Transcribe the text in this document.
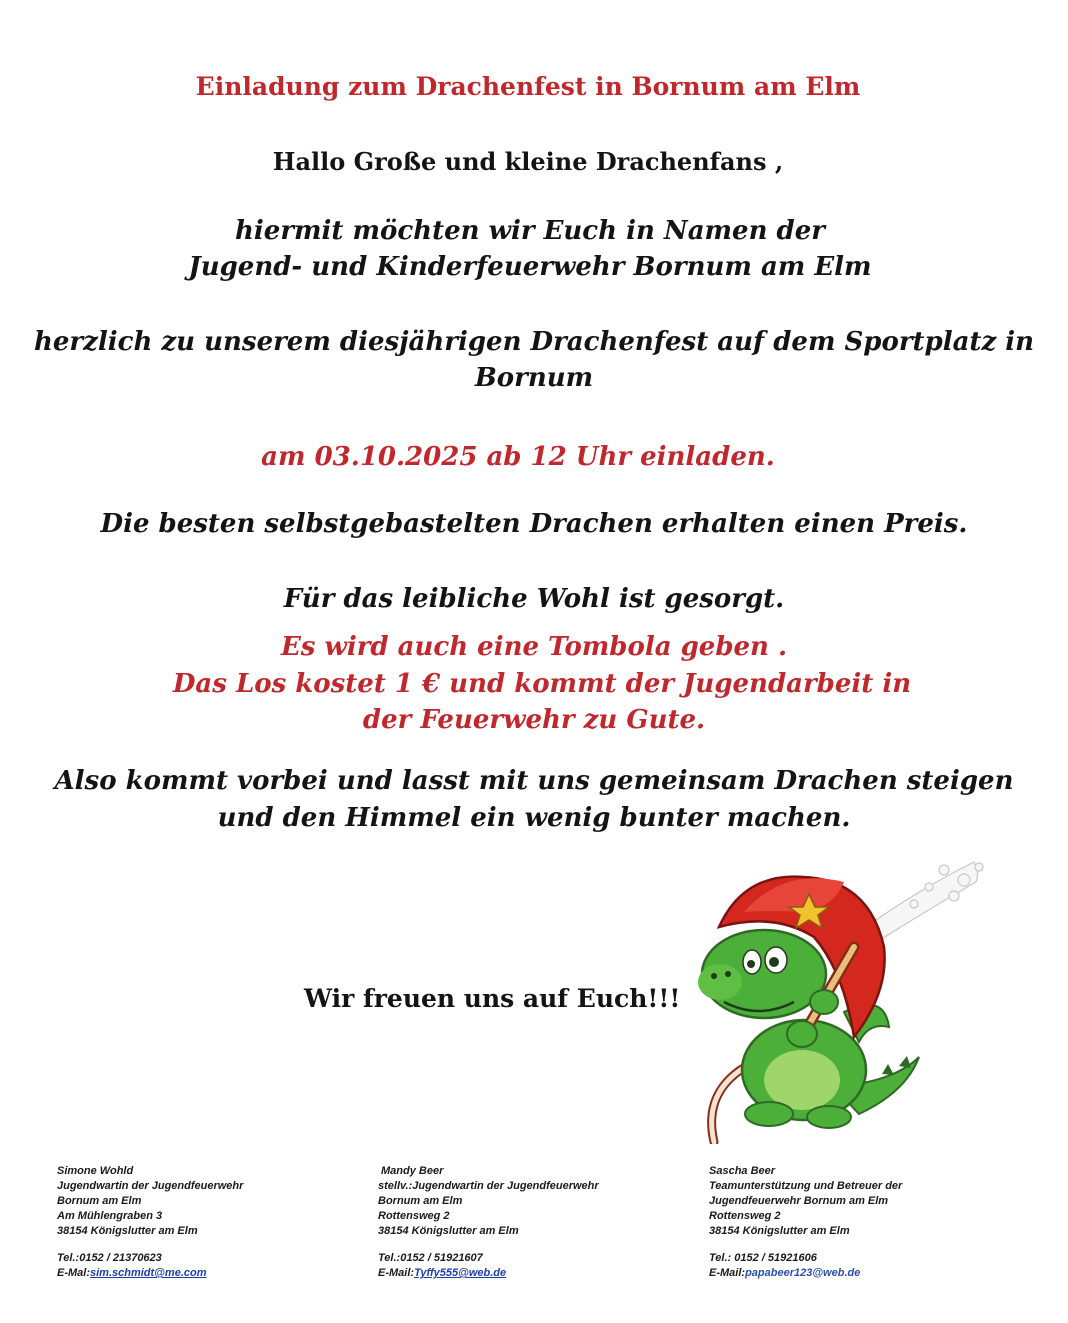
Einladung zum Drachenfest in Bornum am Elm
Hallo Große und kleine Drachenfans ,
hiermit möchten wir Euch in Namen der
Jugend- und Kinderfeuerwehr Bornum am Elm
herzlich zu unserem diesjährigen Drachenfest auf dem Sportplatz in
Bornum
am 03.10.2025 ab 12 Uhr einladen.
Die besten selbstgebastelten Drachen erhalten einen Preis.
Für das leibliche Wohl ist gesorgt.
Es wird auch eine Tombola geben .
Das Los kostet 1 € und kommt der Jugendarbeit in
der Feuerwehr zu Gute.
Also kommt vorbei und lasst mit uns gemeinsam Drachen steigen
und den Himmel ein wenig bunter machen.
Wir freuen uns auf Euch!!!
Simone Wohld
Jugendwartin der Jugendfeuerwehr
Bornum am Elm
Am Mühlengraben 3
38154 Königslutter am Elm
Tel.:0152 / 21370623
E-Mal:sim.schmidt@me.com
Mandy Beer
stellv.:Jugendwartin der Jugendfeuerwehr
Bornum am Elm
Rottensweg 2
38154 Königslutter am Elm
Tel.:0152 / 51921607
E-Mail:Tyffy555@web.de
Sascha Beer
Teamunterstützung und Betreuer der
Jugendfeuerwehr Bornum am Elm
Rottensweg 2
38154 Königslutter am Elm
Tel.: 0152 / 51921606
E-Mail:papabeer123@web.de
